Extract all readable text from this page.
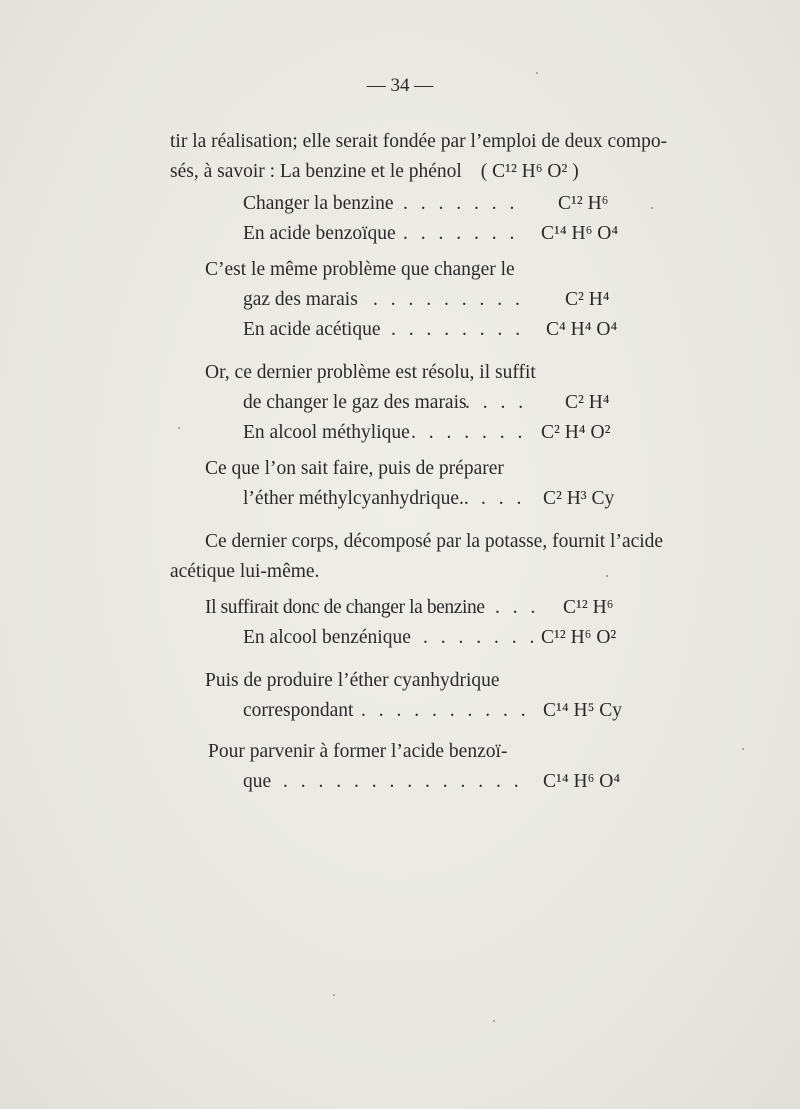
— 34 —
tir la réalisation; elle serait fondée par l’emploi de deux compo-
sés, à savoir : La benzine et le phénol ( C¹² H⁶ O² )
Changer la benzine . . . . . . . C¹² H⁶
En acide benzoïque . . . . . . . C¹⁴ H⁶ O⁴
C’est le même problème que changer le
gaz des marais . . . . . . . . . C² H⁴
En acide acétique . . . . . . . . C⁴ H⁴ O⁴
Or, ce dernier problème est résolu, il suffit
de changer le gaz des marais
. . . . C² H⁴
En alcool méthylique . . . . . . . C² H⁴ O²
Ce que l’on sait faire, puis de préparer
l’éther méthylcyanhydrique.. . . . C² H³ Cy
Ce dernier corps, décomposé par la potasse, fournit l’acide
acétique lui-même.
Il suffirait donc de changer la benzine . . . C¹² H⁶
En alcool benzénique . . . . . . . C¹² H⁶ O²
Puis de produire l’éther cyanhydrique
correspondant . . . . . . . . . . C¹⁴ H⁵ Cy
Pour parvenir à former l’acide benzoï-
que . . . . . . . . . . . . . . C¹⁴ H⁶ O⁴
